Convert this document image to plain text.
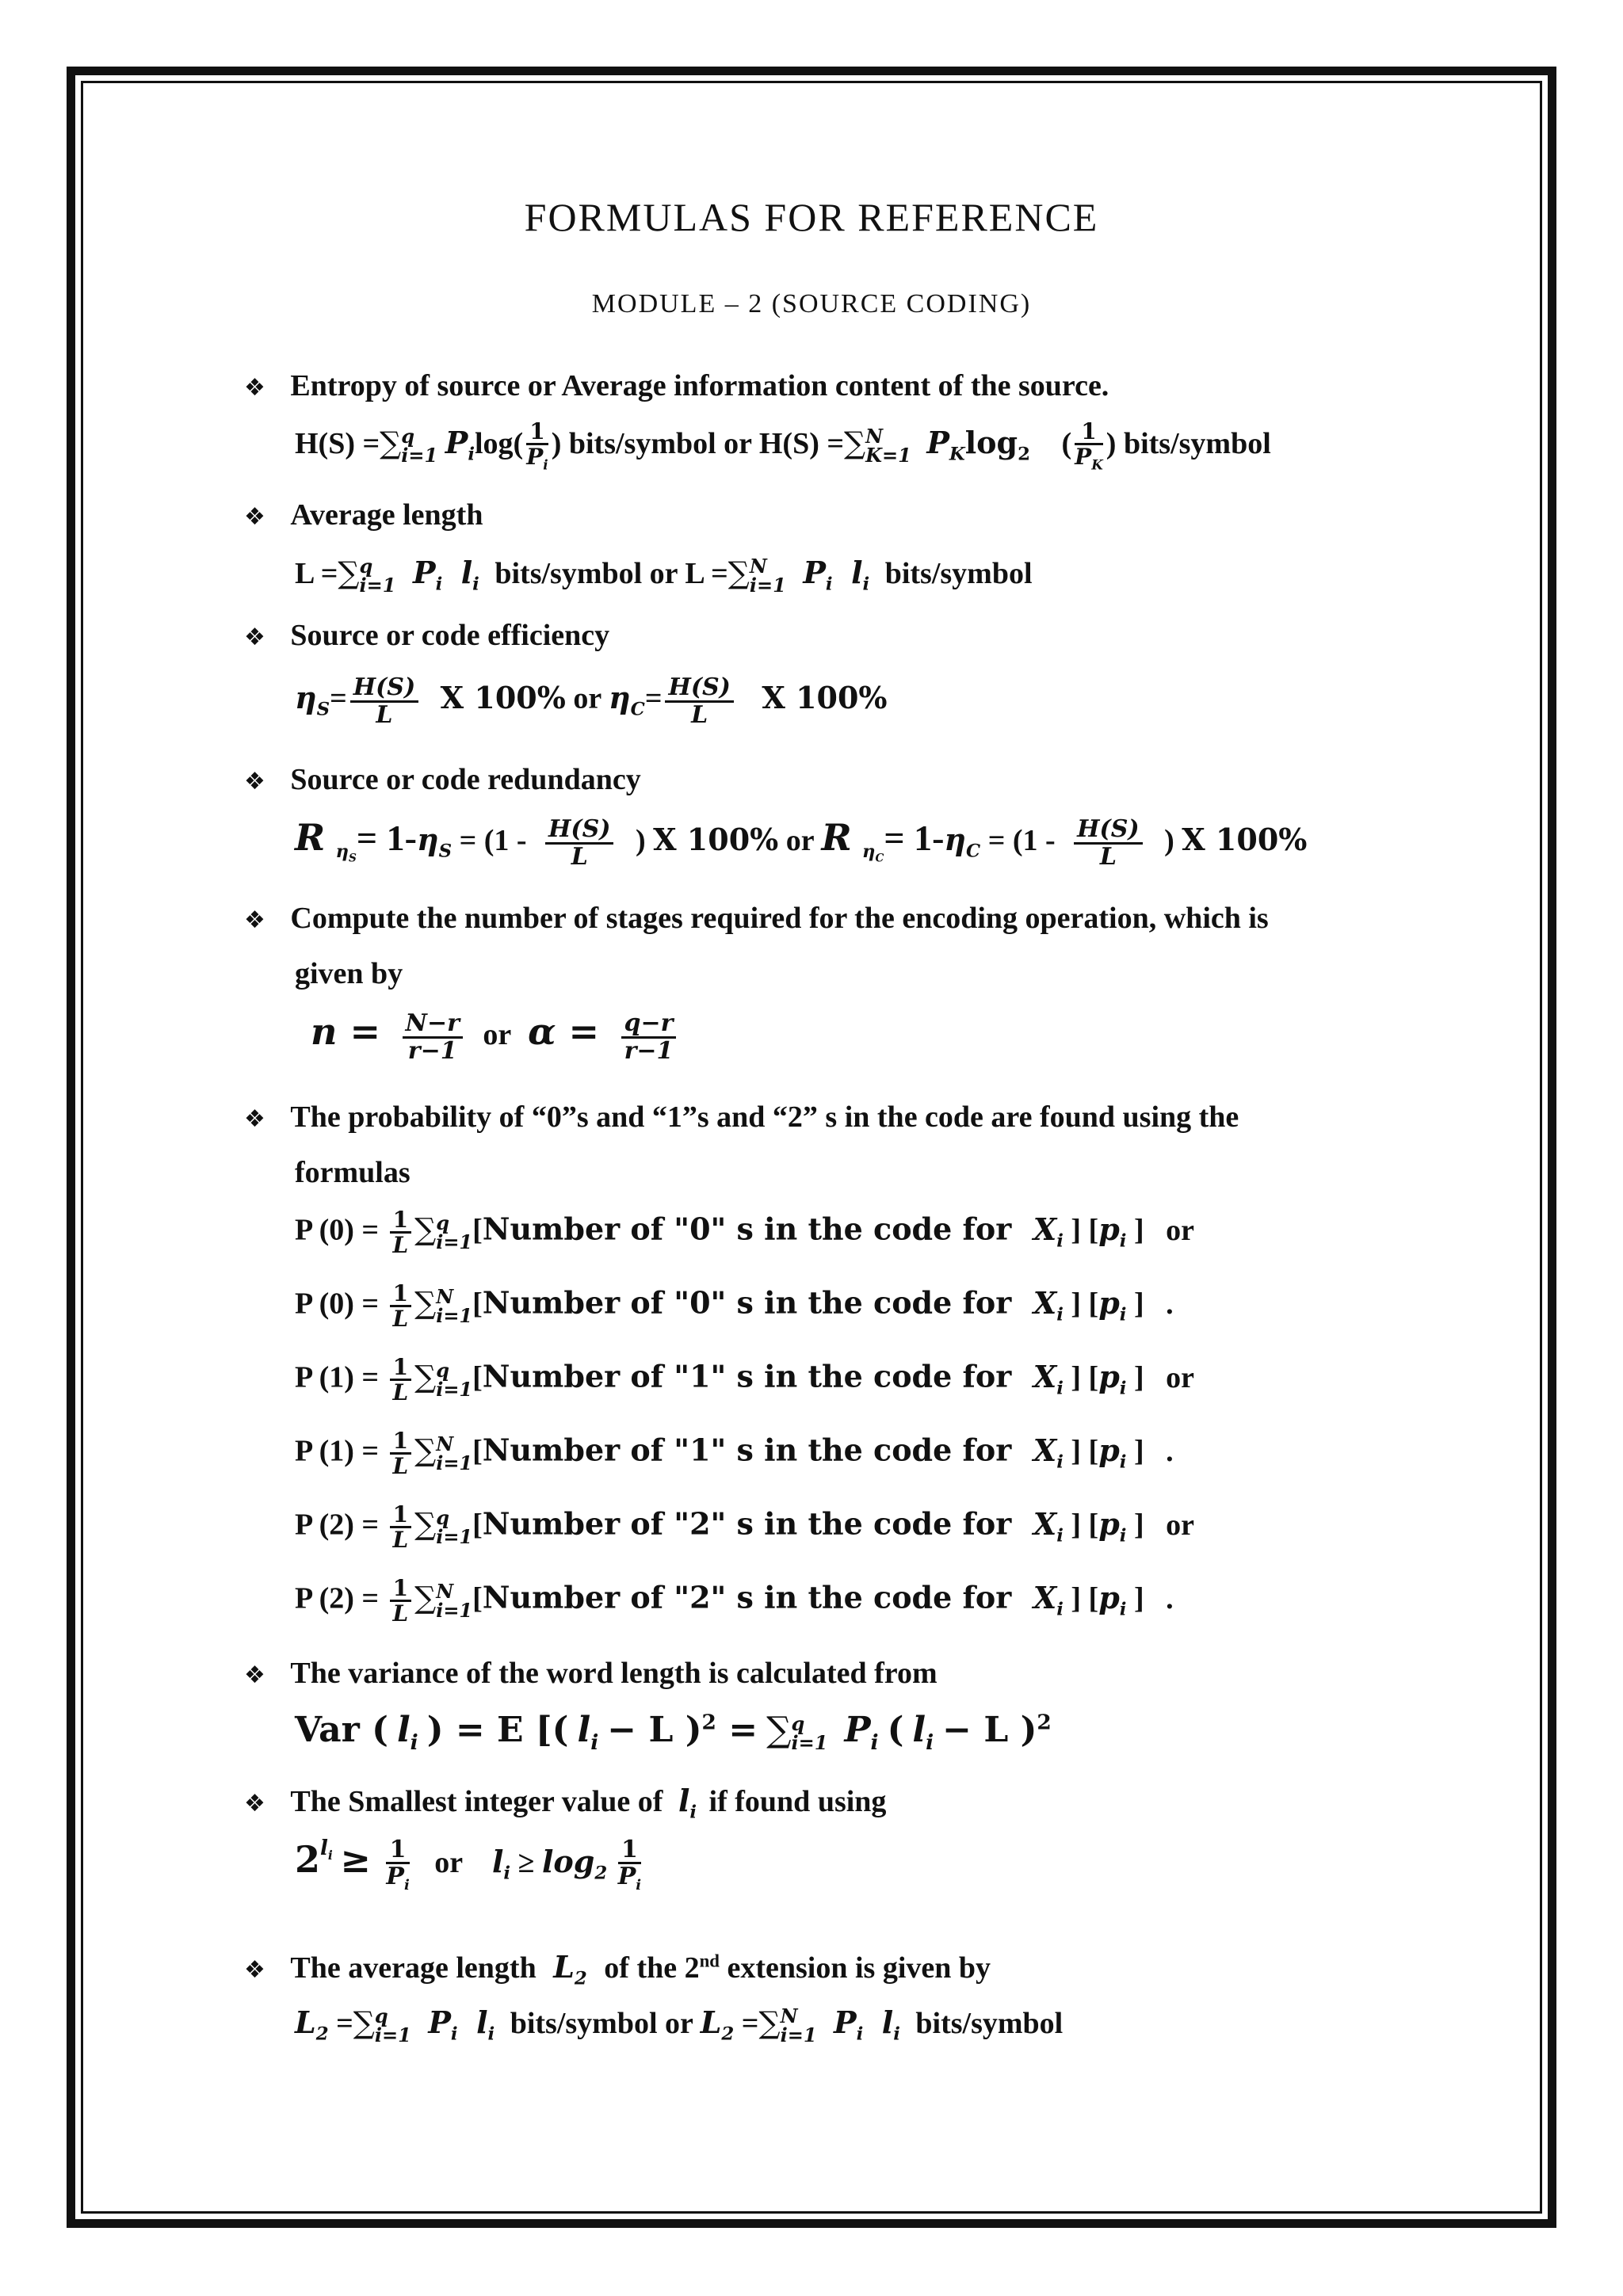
FORMULAS FOR REFERENCE
MODULE – 2 (SOURCE CODING)
❖ Entropy of source or Average information content of the source.
H(S) =∑ q
i=1 $P_i\log( \frac{1}{P_i}$ ) bits/symbol or H(S) =∑ N
K=1 $P_K\log_2$ ( $\frac{1}{P_K}$ ) bits/symbol
❖ Average length
L =∑ q
i=1 $P_i$ $l_i$ bits/symbol or L =∑ N
i=1 $P_i$ $l_i$ bits/symbol
❖ Source or code efficiency
$\eta_S= \frac{H(S)}{L}$ X 100% or $\eta_C= \frac{H(S)}{L}$ X 100%
❖ Source or code redundancy
R $_{\eta_S}= 1-\eta_S = (1 - \frac{H(S)}{L}$ ) X 100% or R $_{\eta_C}= 1-\eta_C = (1 - \frac{H(S)}{L}$ ) X 100%
❖ Compute the number of stages required for the encoding operation, which is
given by
$n = \frac{N-r}{r-1}$ or $\alpha = \frac{q-r}{r-1}$
❖ The probability of “0”s and “1”s and “2” s in the code are found using the
formulas
P $(0) = \frac{1}{L}$ ∑ q
i=1 [Number of "0" s in the code for $X_i$ ] [$p_i$ ] or
P $(0) = \frac{1}{L}$ ∑ N
i=1 [Number of "0" s in the code for $X_i$ ] [$p_i$ ] .
P $(1) = \frac{1}{L}$ ∑ q
i=1 [Number of "1" s in the code for $X_i$ ] [$p_i$ ] or
P $(1) = \frac{1}{L}$ ∑ N
i=1 [Number of "1" s in the code for $X_i$ ] [$p_i$ ] .
P $(2) = \frac{1}{L}$ ∑ q
i=1 [Number of "2" s in the code for $X_i$ ] [$p_i$ ] or
P $(2) = \frac{1}{L}$ ∑ N
i=1 [Number of "2" s in the code for $X_i$ ] [$p_i$ ] .
❖ The variance of the word length is calculated from
Var ( $l_i$ ) = E [( $l_i - L$ )$^2$ = ∑ q
i=1 $P_i$ ( $l_i - L$ )$^2$
❖ The Smallest integer value of $l_i$ if found using
$2^{l_i} \ge \frac{1}{P_i}$ or $l_i \ge \log_2 \frac{1}{P_i}$
❖ The average length $L_2$ of the 2nd extension is given by
$L_2$ =∑ q
i=1 $P_i$ $l_i$ bits/symbol or $L_2$ =∑ N
i=1 $P_i$ $l_i$ bits/symbol
